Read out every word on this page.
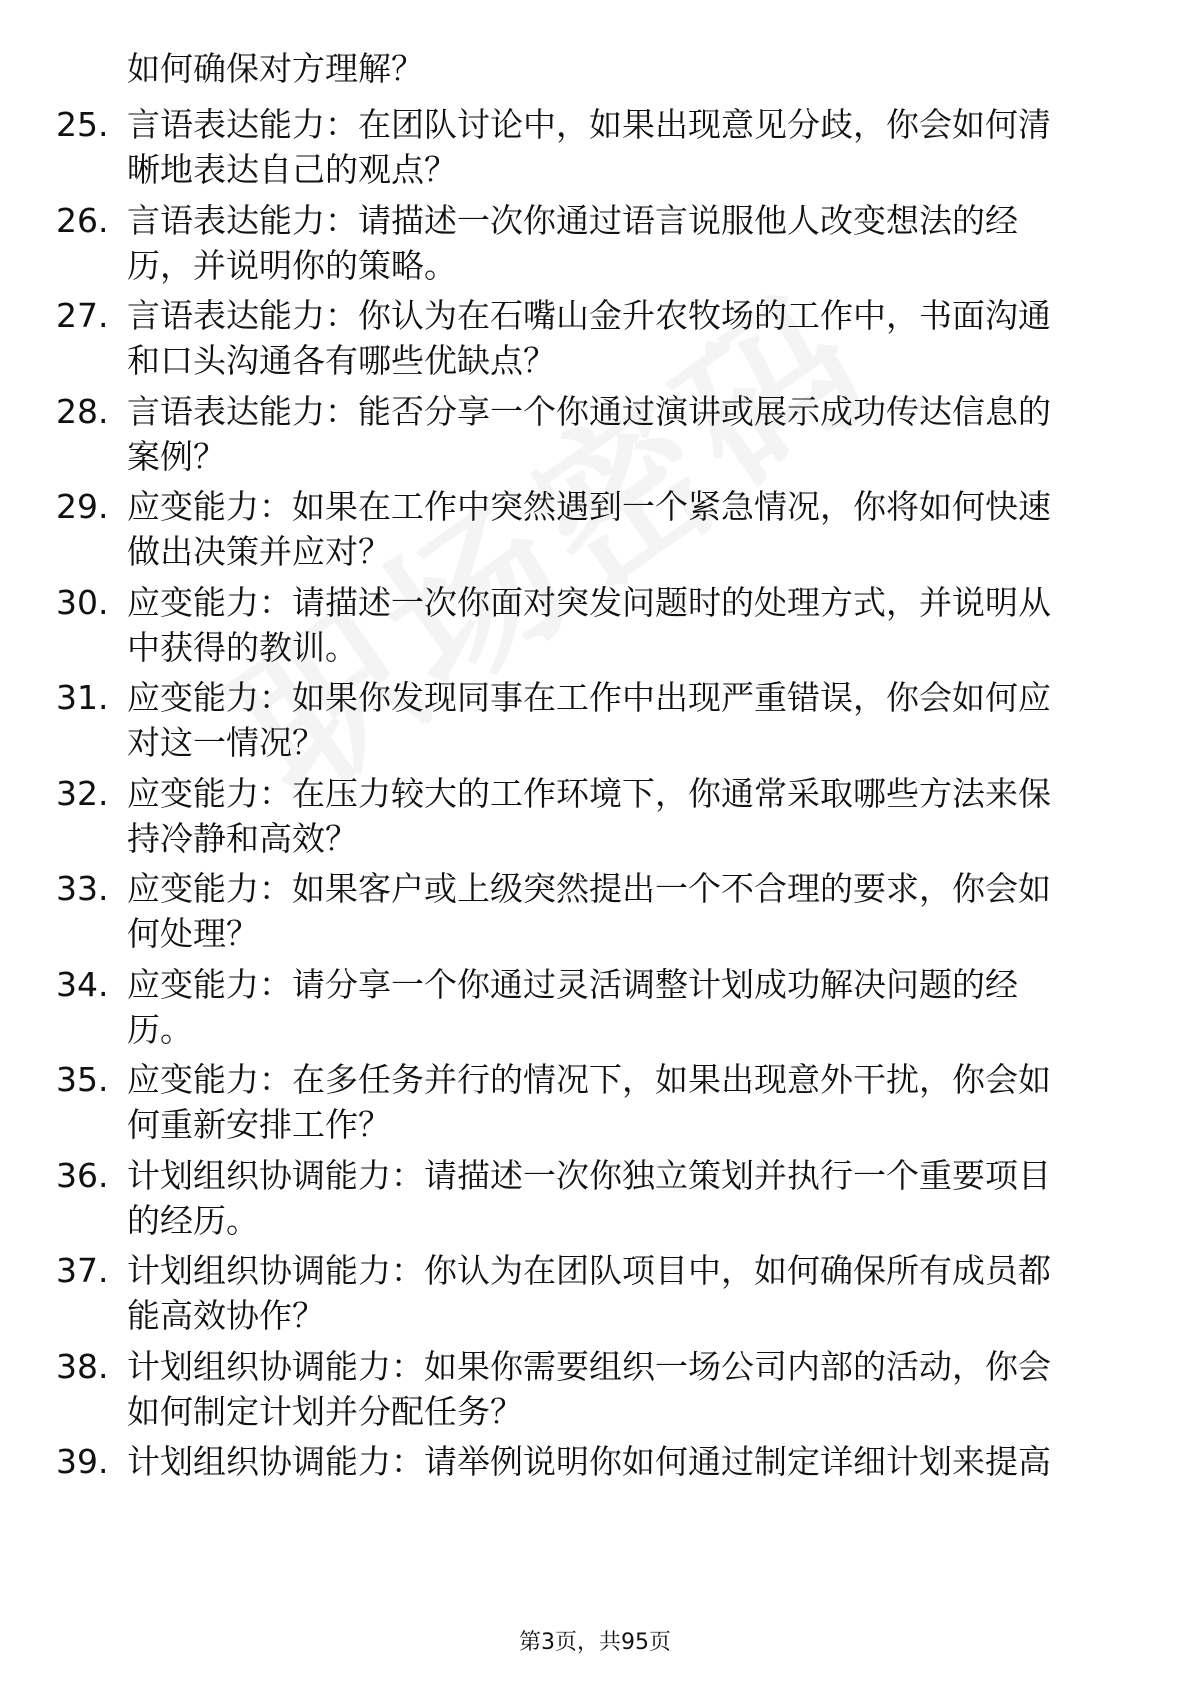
如何确保对方理解？
25. 言语表达能力：在团队讨论中，如果出现意见分歧，你会如何清
晰地表达自己的观点？
26. 言语表达能力：请描述一次你通过语言说服他人改变想法的经
历，并说明你的策略。
27. 言语表达能力：你认为在石嘴山金升农牧场的工作中，书面沟通
和口头沟通各有哪些优缺点？
28. 言语表达能力：能否分享一个你通过演讲或展示成功传达信息的
案例？
29. 应变能力：如果在工作中突然遇到一个紧急情况，你将如何快速
做出决策并应对？
30. 应变能力：请描述一次你面对突发问题时的处理方式，并说明从
中获得的教训。
31. 应变能力：如果你发现同事在工作中出现严重错误，你会如何应
对这一情况？
32. 应变能力：在压力较大的工作环境下，你通常采取哪些方法来保
持冷静和高效？
33. 应变能力：如果客户或上级突然提出一个不合理的要求，你会如
何处理？
34. 应变能力：请分享一个你通过灵活调整计划成功解决问题的经
历。
35. 应变能力：在多任务并行的情况下，如果出现意外干扰，你会如
何重新安排工作？
36. 计划组织协调能力：请描述一次你独立策划并执行一个重要项目
的经历。
37. 计划组织协调能力：你认为在团队项目中，如何确保所有成员都
能高效协作？
38. 计划组织协调能力：如果你需要组织一场公司内部的活动，你会
如何制定计划并分配任务？
39. 计划组织协调能力：请举例说明你如何通过制定详细计划来提高
第3页，共95页
